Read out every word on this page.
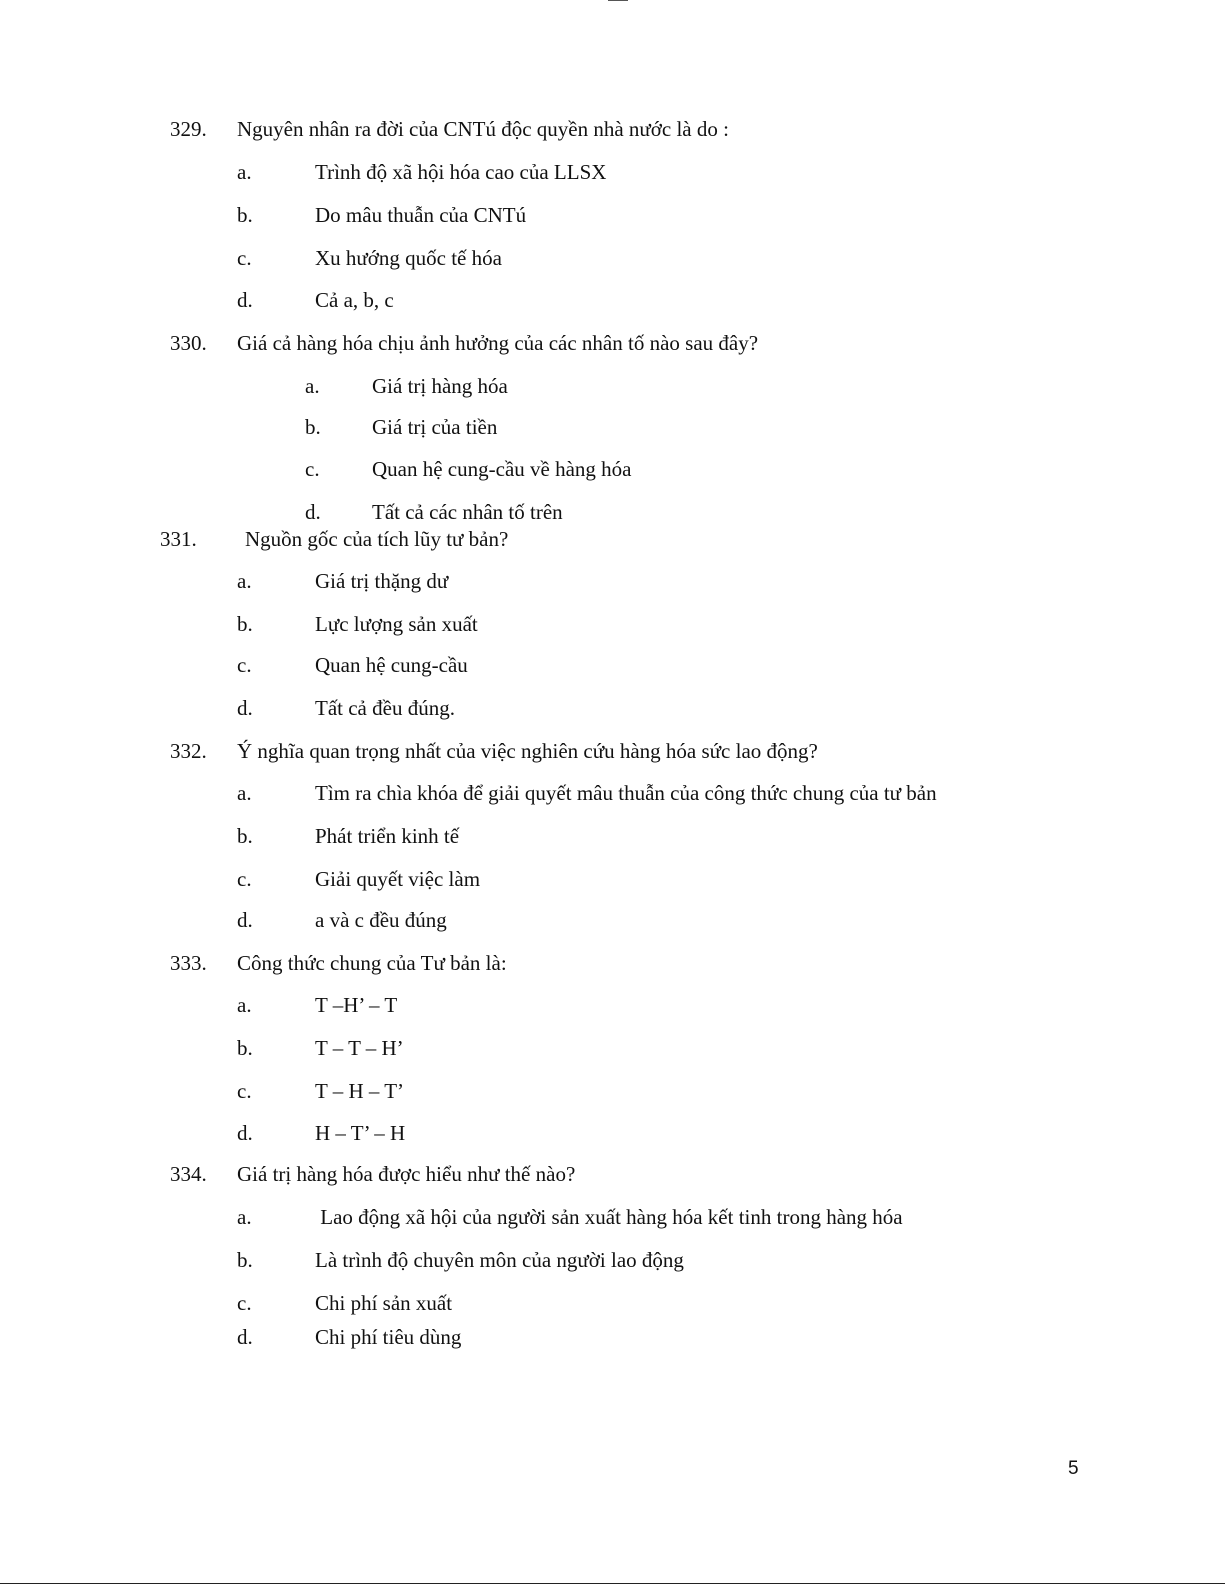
329. Nguyên nhân ra đời của CNTú độc quyền nhà nước là do :
a.	Trình độ xã hội hóa cao của LLSX
b.	Do mâu thuẫn của CNTú
c.	Xu hướng quốc tế hóa
d.	Cả a, b, c
330. Giá cả hàng hóa chịu ảnh hưởng của các nhân tố nào sau đây?
a. Giá trị hàng hóa
b. Giá trị của tiền
c. Quan hệ cung-cầu về hàng hóa
d. Tất cả các nhân tố trên
331. Nguồn gốc của tích lũy tư bản?
a.	Giá trị thặng dư
b.	Lực lượng sản xuất
c.	Quan hệ cung-cầu
d.	Tất cả đều đúng.
332. Ý nghĩa quan trọng nhất của việc nghiên cứu hàng hóa sức lao động?
a.	Tìm ra chìa khóa để giải quyết mâu thuẫn của công thức chung của tư bản
b.	Phát triển kinh tế
c.	Giải quyết việc làm
d.	a và c đều đúng
333. Công thức chung của Tư bản là:
a.	T –H’ – T
b.	T – T – H’
c.	T – H – T’
d.	H – T’ – H
334. Giá trị hàng hóa được hiểu như thế nào?
a.	Lao động xã hội của người sản xuất hàng hóa kết tinh trong hàng hóa
b.	Là trình độ chuyên môn của người lao động
c.	Chi phí sản xuất
d.	Chi phí tiêu dùng
5
